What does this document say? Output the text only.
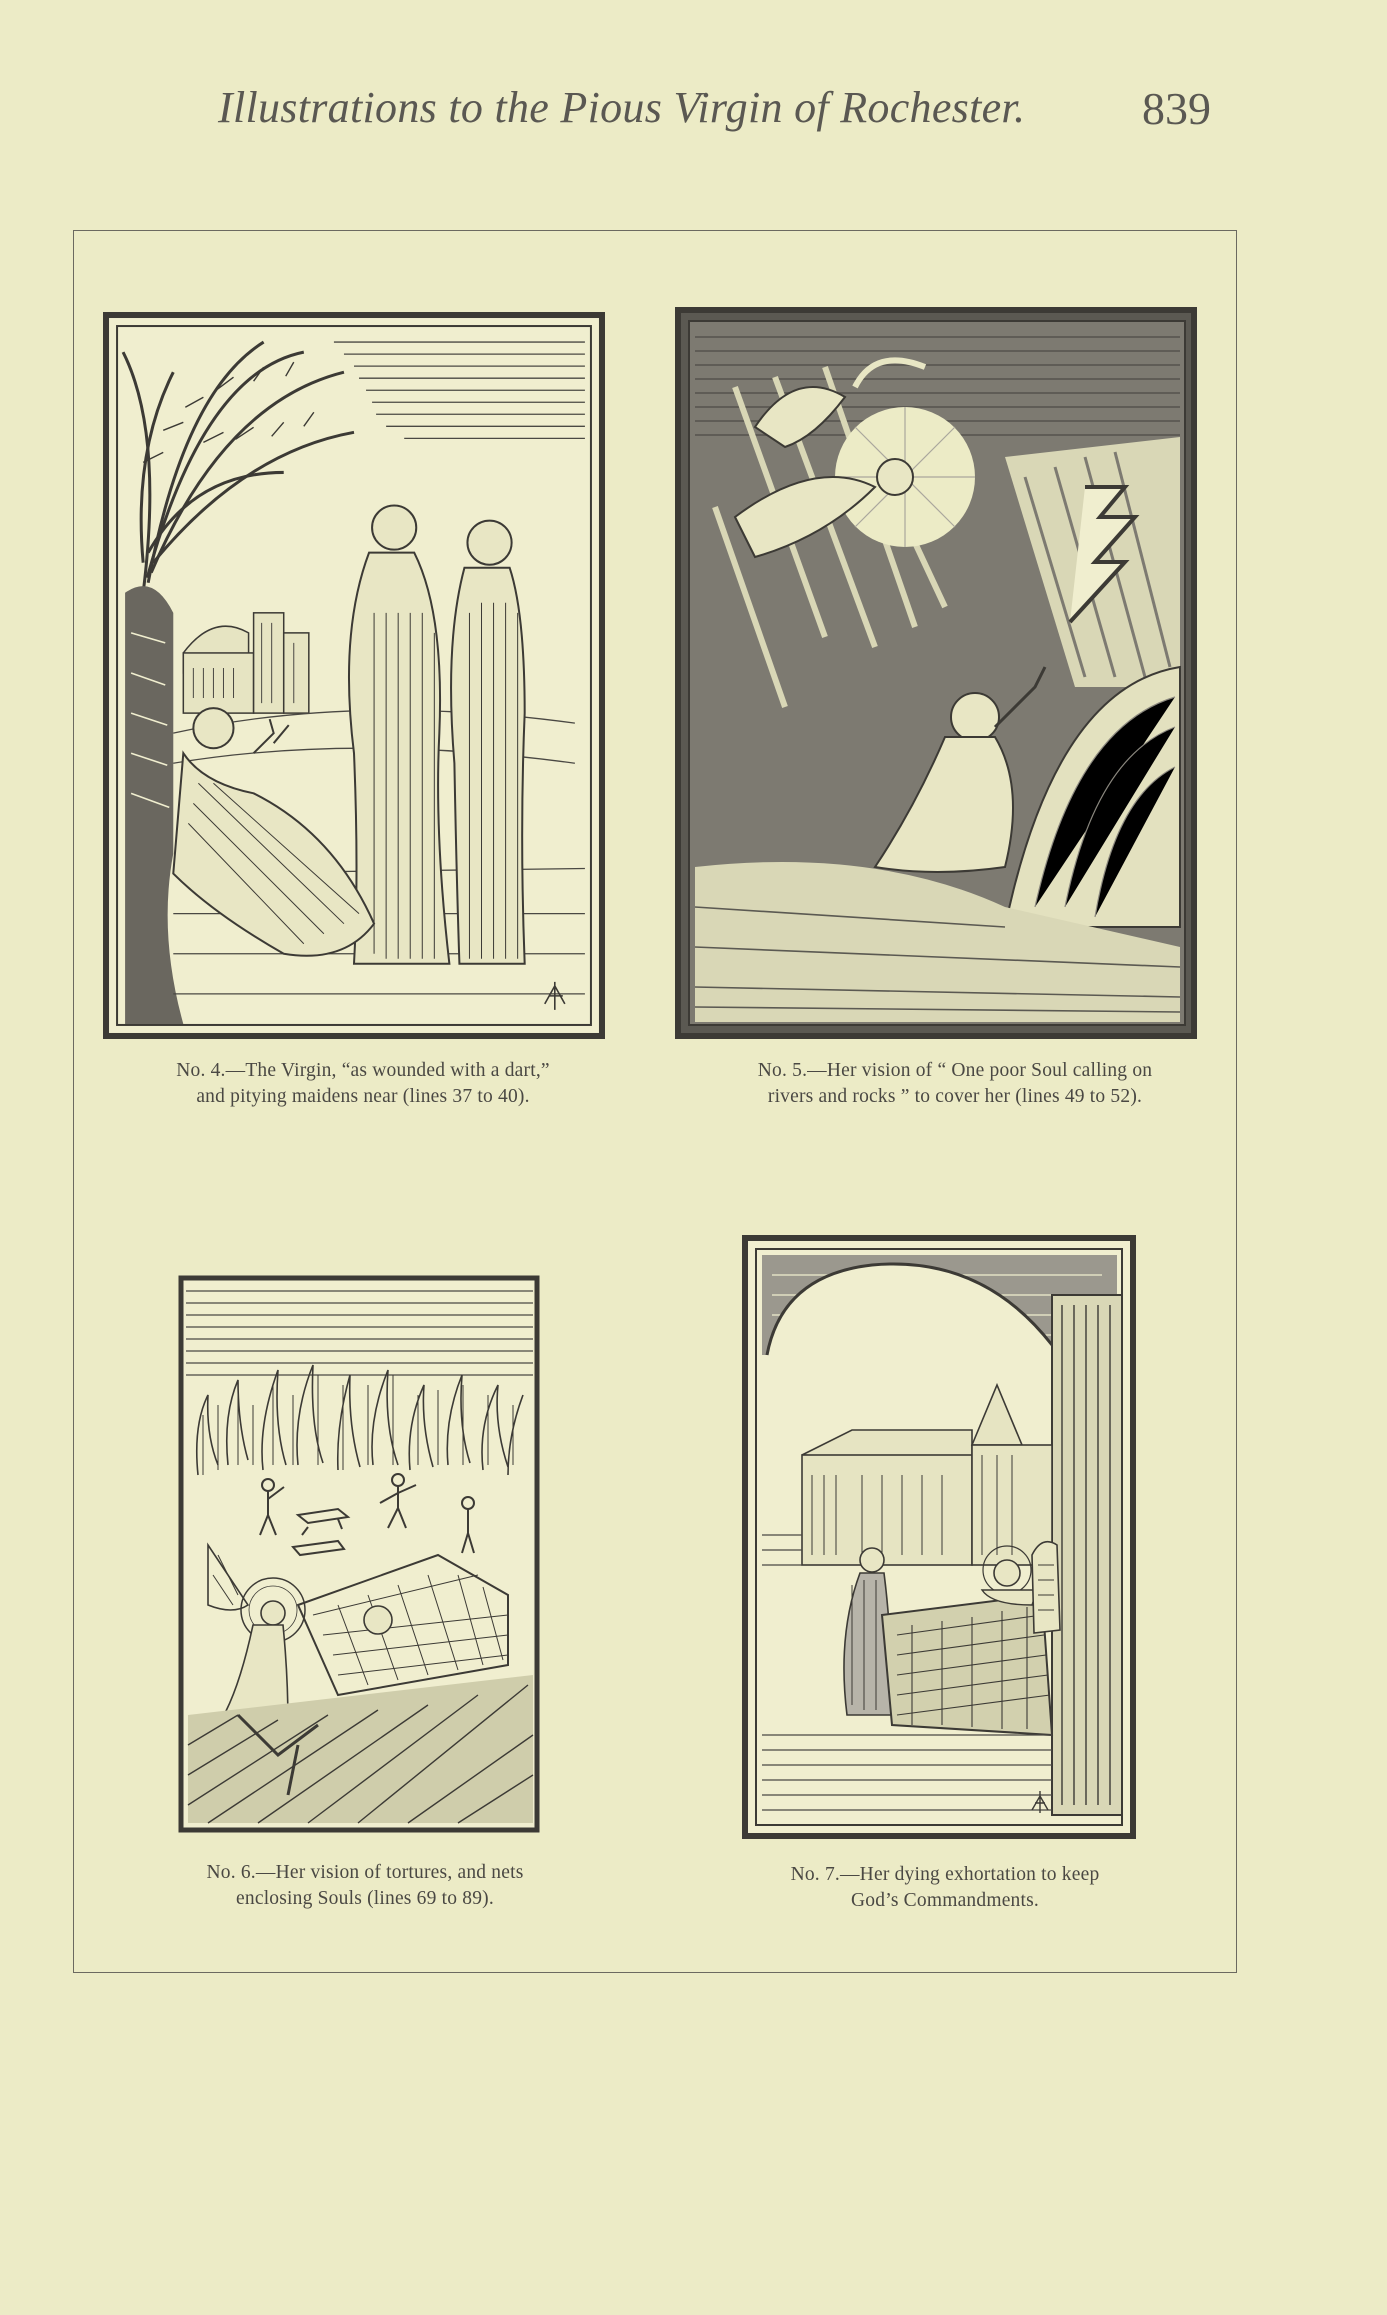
Illustrations to the Pious Virgin of Rochester.	839
No. 4.—The Virgin, “as wounded with a dart,”
and pitying maidens near (lines 37 to 40).
No. 5.—Her vision of “ One poor Soul calling on
rivers and rocks ” to cover her (lines 49 to 52).
No. 6.—Her vision of tortures, and nets
enclosing Souls (lines 69 to 89).
No. 7.—Her dying exhortation to keep
God’s Commandments.
